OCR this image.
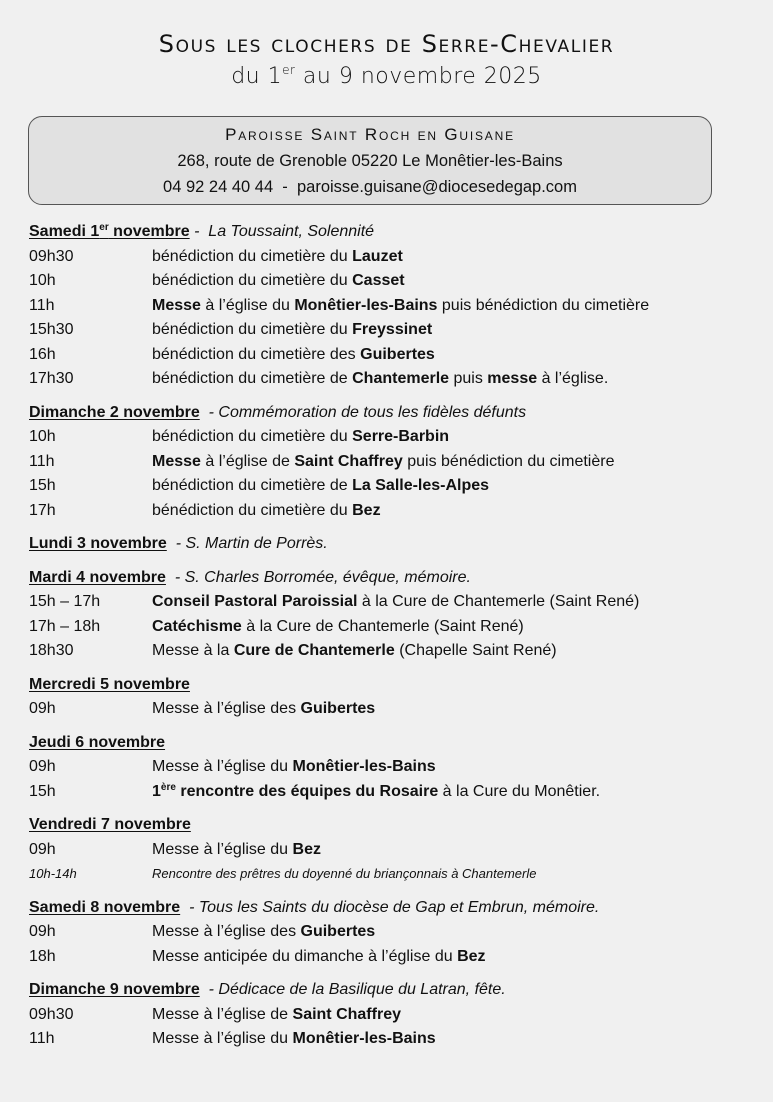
Sous les clochers de Serre-Chevalier
du 1er au 9 novembre 2025
Paroisse Saint Roch en Guisane
268, route de Grenoble 05220 Le Monêtier-les-Bains
04 92 24 40 44  -  paroisse.guisane@diocesedegap.com
Samedi 1er novembre -  La Toussaint, Solennité
09h30	bénédiction du cimetière du Lauzet
10h	bénédiction du cimetière du Casset
11h	Messe à l’église du Monêtier-les-Bains puis bénédiction du cimetière
15h30	bénédiction du cimetière du Freyssinet
16h	bénédiction du cimetière des Guibertes
17h30	bénédiction du cimetière de Chantemerle puis messe à l’église.
Dimanche 2 novembre  - Commémoration de tous les fidèles défunts
10h	bénédiction du cimetière du Serre-Barbin
11h	Messe à l’église de Saint Chaffrey puis bénédiction du cimetière
15h	bénédiction du cimetière de La Salle-les-Alpes
17h	bénédiction du cimetière du Bez
Lundi 3 novembre  - S. Martin de Porrès.
Mardi 4 novembre  - S. Charles Borromée, évêque, mémoire.
15h – 17h	Conseil Pastoral Paroissial à la Cure de Chantemerle (Saint René)
17h – 18h	Catéchisme à la Cure de Chantemerle (Saint René)
18h30	Messe à la Cure de Chantemerle (Chapelle Saint René)
Mercredi 5 novembre
09h	Messe à l’église des Guibertes
Jeudi 6 novembre
09h	Messe à l’église du Monêtier-les-Bains
15h	1ère rencontre des équipes du Rosaire à la Cure du Monêtier.
Vendredi 7 novembre
09h	Messe à l’église du Bez
10h-14h	Rencontre des prêtres du doyenné du briançonnais à Chantemerle
Samedi 8 novembre  - Tous les Saints du diocèse de Gap et Embrun, mémoire.
09h	Messe à l’église des Guibertes
18h	Messe anticipée du dimanche à l’église du Bez
Dimanche 9 novembre  - Dédicace de la Basilique du Latran, fête.
09h30	Messe à l’église de Saint Chaffrey
11h	Messe à l’église du Monêtier-les-Bains
